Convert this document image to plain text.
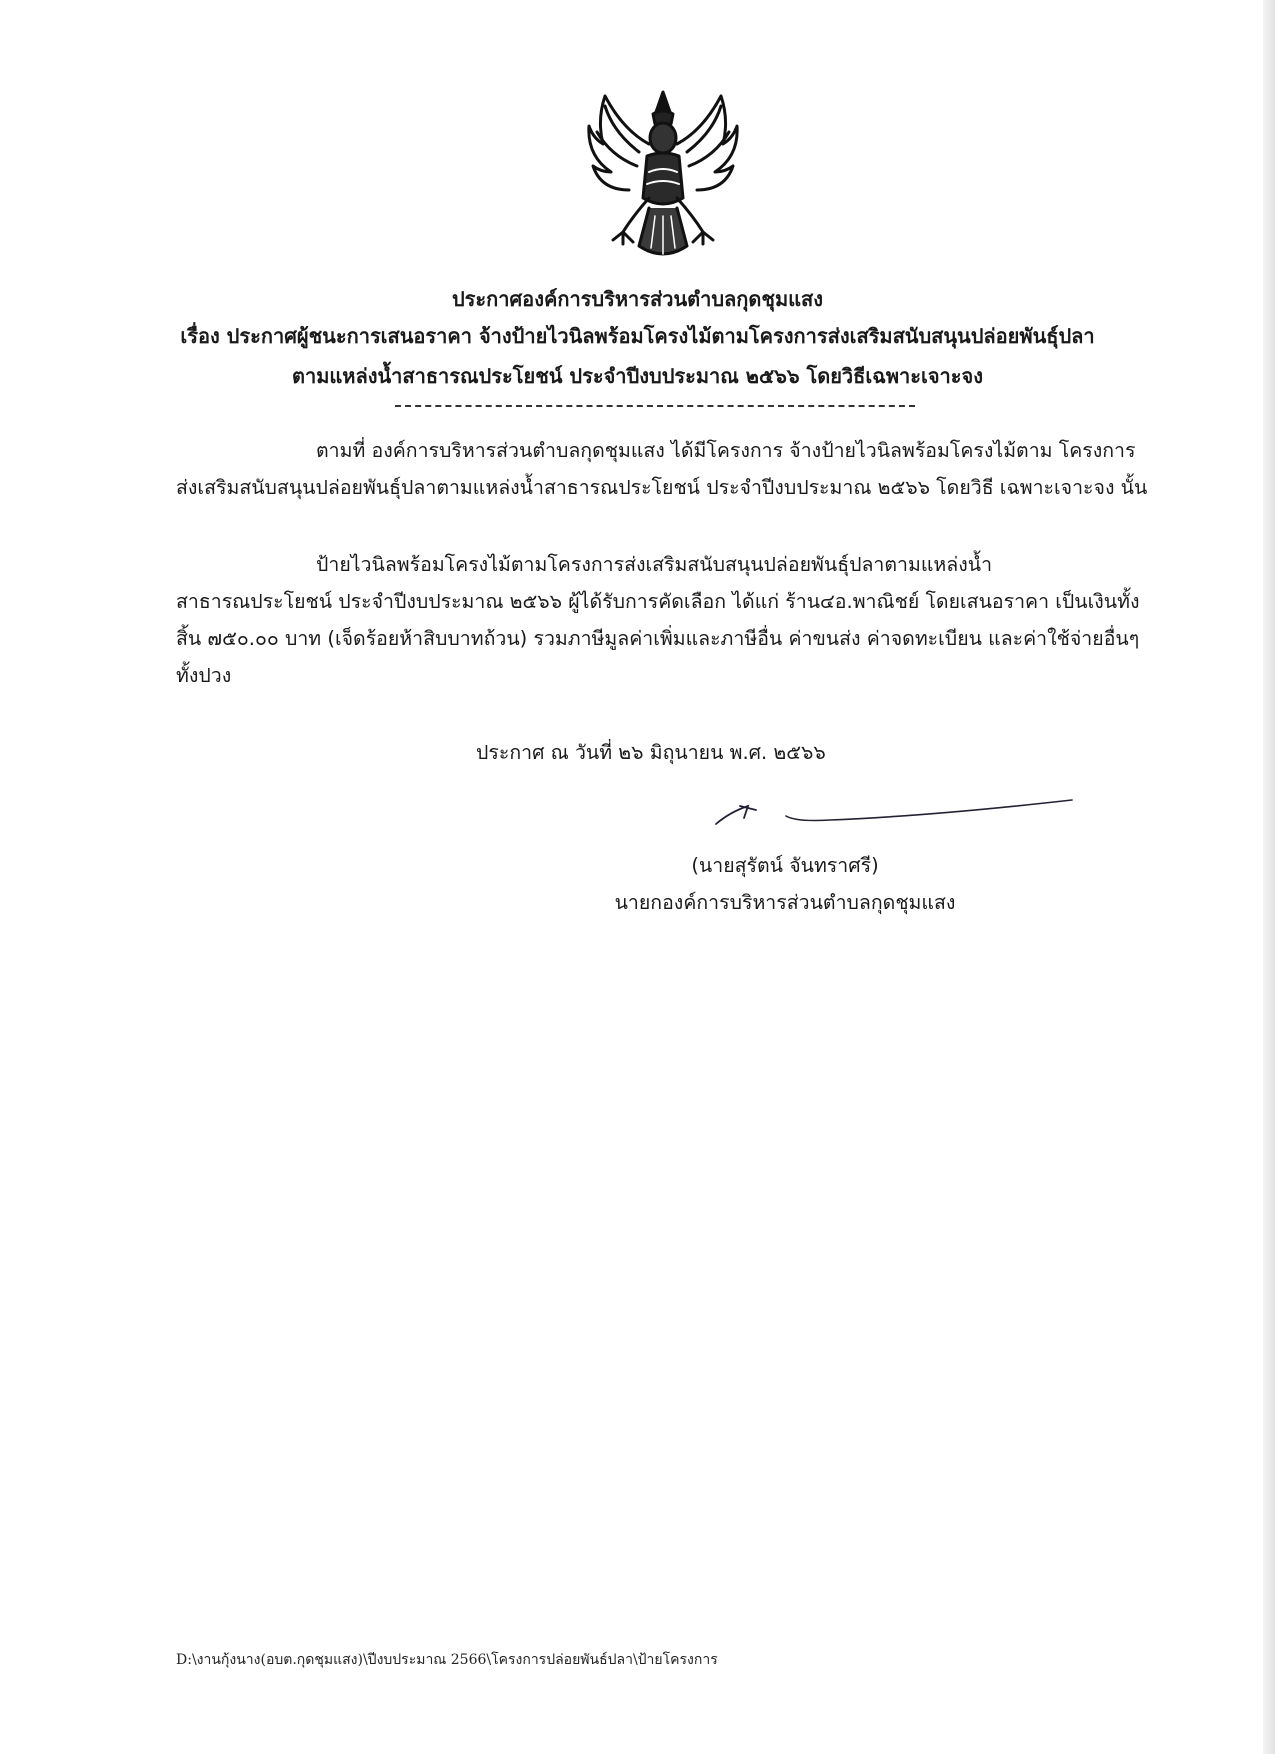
ประกาศองค์การบริหารส่วนตำบลกุดชุมแสง
เรื่อง ประกาศผู้ชนะการเสนอราคา จ้างป้ายไวนิลพร้อมโครงไม้ตามโครงการส่งเสริมสนับสนุนปล่อยพันธุ์ปลา
ตามแหล่งน้ำสาธารณประโยชน์ ประจำปีงบประมาณ ๒๕๖๖ โดยวิธีเฉพาะเจาะจง
ตามที่ องค์การบริหารส่วนตำบลกุดชุมแสง ได้มีโครงการ จ้างป้ายไวนิลพร้อมโครงไม้ตาม โครงการส่งเสริมสนับสนุนปล่อยพันธุ์ปลาตามแหล่งน้ำสาธารณประโยชน์ ประจำปีงบประมาณ ๒๕๖๖ โดยวิธี เฉพาะเจาะจง นั้น
ป้ายไวนิลพร้อมโครงไม้ตามโครงการส่งเสริมสนับสนุนปล่อยพันธุ์ปลาตามแหล่งน้ำ สาธารณประโยชน์ ประจำปีงบประมาณ ๒๕๖๖ ผู้ได้รับการคัดเลือก ได้แก่ ร้าน๔อ.พาณิชย์ โดยเสนอราคา เป็นเงินทั้งสิ้น ๗๕๐.๐๐ บาท (เจ็ดร้อยห้าสิบบาทถ้วน) รวมภาษีมูลค่าเพิ่มและภาษีอื่น ค่าขนส่ง ค่าจดทะเบียน และค่าใช้จ่ายอื่นๆ ทั้งปวง
ประกาศ ณ วันที่ ๒๖ มิถุนายน พ.ศ. ๒๕๖๖
(นายสุรัตน์ จันทราศรี)
นายกองค์การบริหารส่วนตำบลกุดชุมแสง
D:\งานกุ้งนาง(อบต.กุดชุมแสง)\ปีงบประมาณ 2566\โครงการปล่อยพันธ์ปลา\ป้ายโครงการ
